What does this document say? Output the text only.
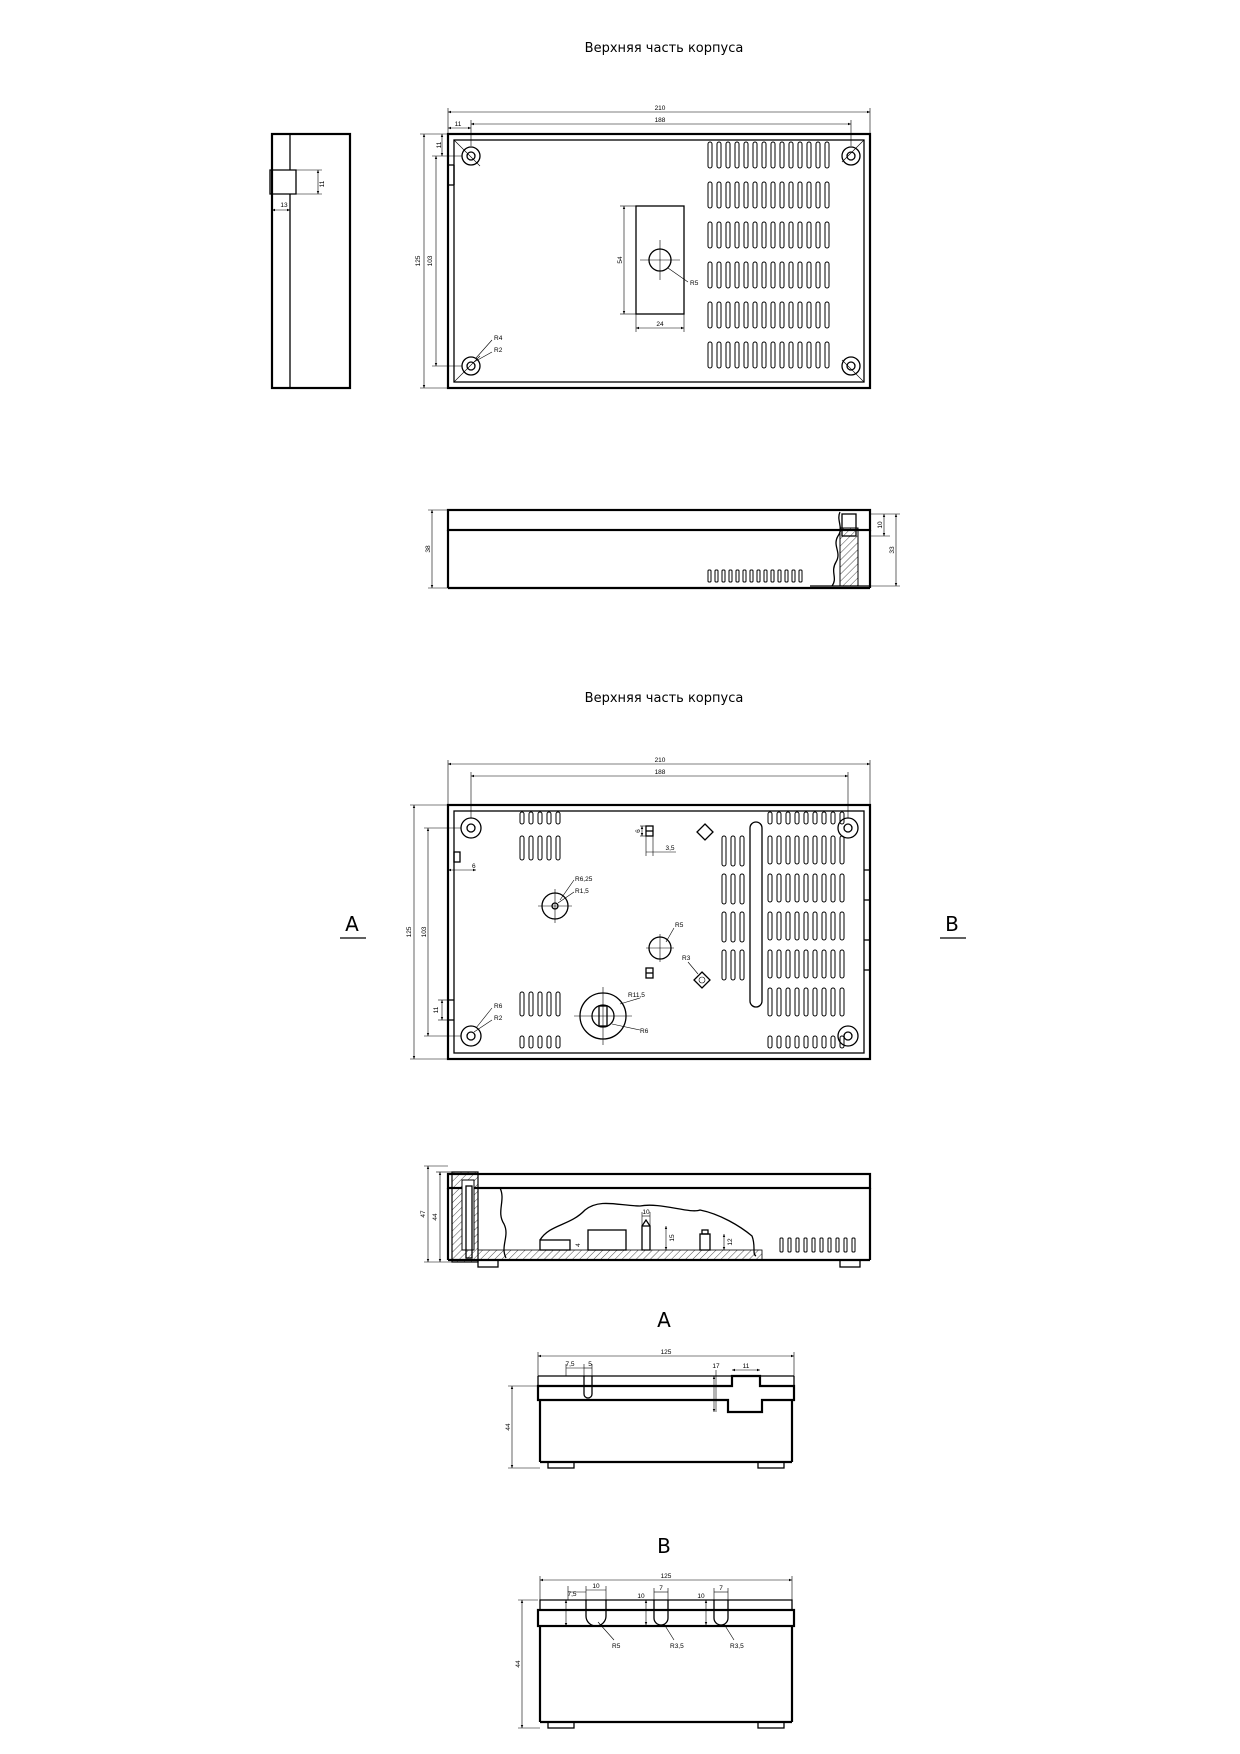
Верхняя часть корпуса
11
13
R5
24
54
210
188
11
125 103
11
R4
R2
38
10
33
Верхняя часть корпуса
A	B
R6,25
R1,5
R5
R11,5
R6
R3
6
3,5
6
R6
R2
210
188
125 103
11
47 44
10
15
12
4
A
125
7,5 5	17	11
44
B
125
7,5
10	7
10
7
10
R5	R3,5	R3,5
44
